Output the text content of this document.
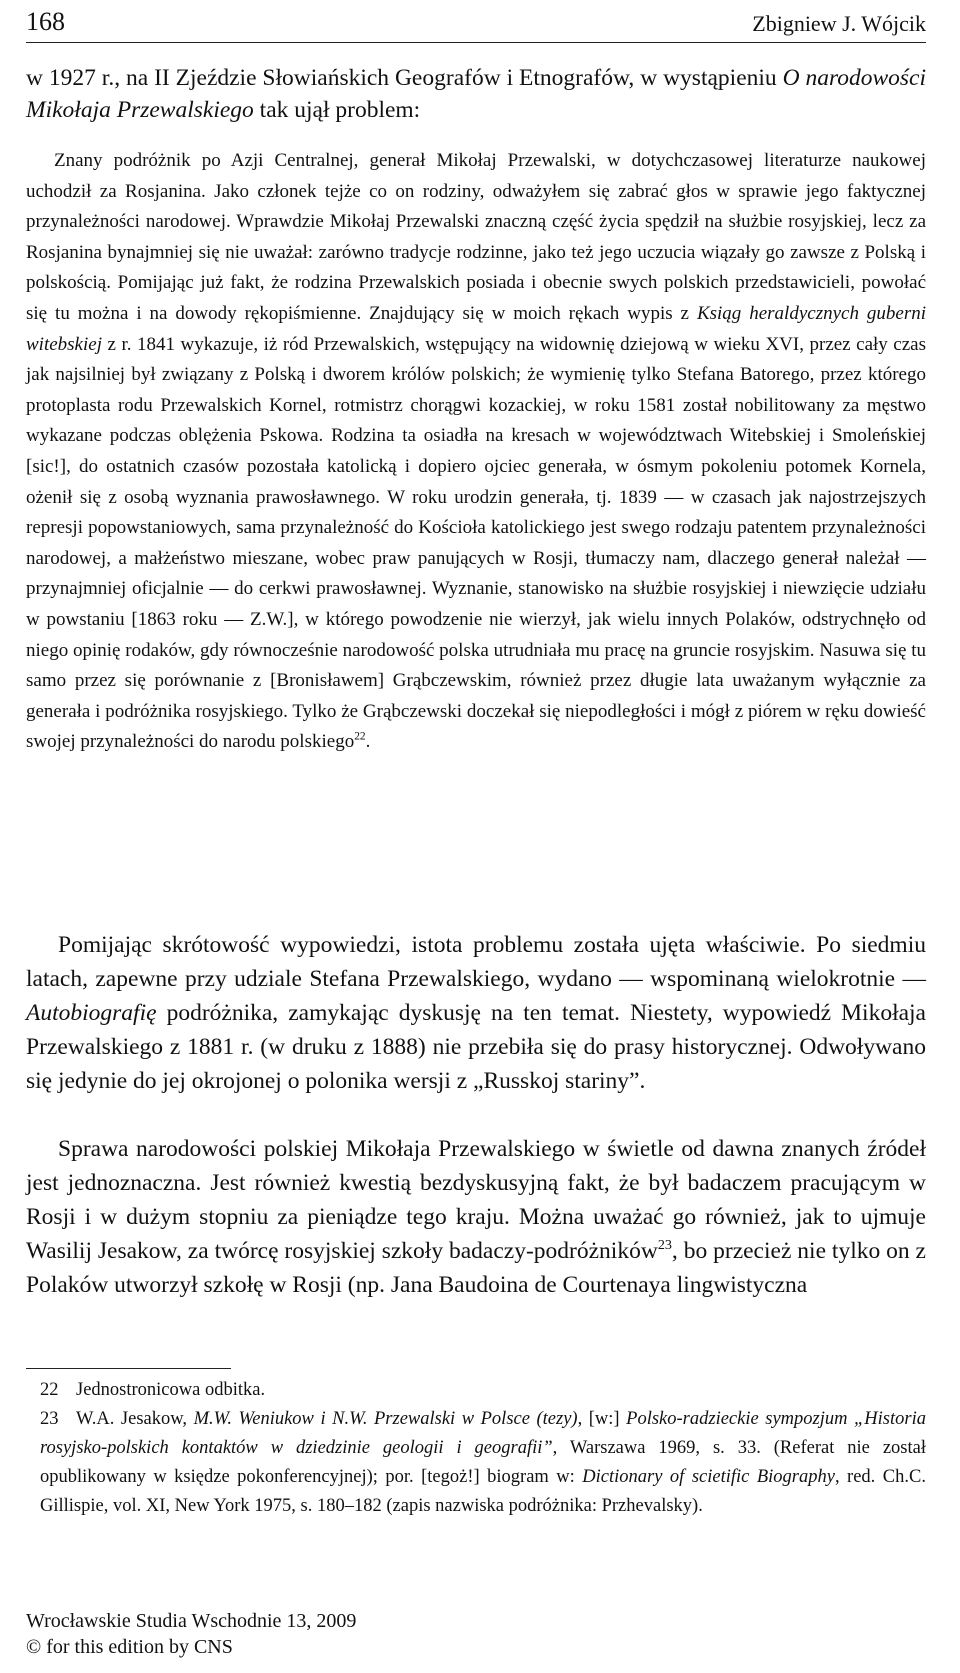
168	Zbigniew J. Wójcik

w 1927 r., na II Zjeździe Słowiańskich Geografów i Etnografów, w wystąpieniu O narodowości Mikołaja Przewalskiego tak ujął problem:

Znany podróżnik po Azji Centralnej, generał Mikołaj Przewalski, w dotychczasowej literaturze naukowej uchodził za Rosjanina. Jako członek tejże co on rodziny, odważyłem się zabrać głos w sprawie jego faktycznej przynależności narodowej. Wprawdzie Mikołaj Przewalski znaczną część życia spędził na służbie rosyjskiej, lecz za Rosjanina bynajmniej się nie uważał: zarówno tradycje rodzinne, jako też jego uczucia wiązały go zawsze z Polską i polskością. Pomijając już fakt, że rodzina Przewalskich posiada i obecnie swych polskich przedstawicieli, powołać się tu można i na dowody rękopiśmienne. Znajdujący się w moich rękach wypis z Ksiąg heraldycznych guberni witebskiej z r. 1841 wykazuje, iż ród Przewalskich, wstępujący na widownię dziejową w wieku XVI, przez cały czas jak najsilniej był związany z Polską i dworem królów polskich; że wymienię tylko Stefana Batorego, przez którego protoplasta rodu Przewalskich Kornel, rotmistrz chorągwi kozackiej, w roku 1581 został nobilitowany za męstwo wykazane podczas oblężenia Pskowa. Rodzina ta osiadła na kresach w województwach Witebskiej i Smoleńskiej [sic!], do ostatnich czasów pozostała katolicką i dopiero ojciec generała, w ósmym pokoleniu potomek Kornela, ożenił się z osobą wyznania prawosławnego. W roku urodzin generała, tj. 1839 — w czasach jak najostrzejszych represji popowstaniowych, sama przynależność do Kościoła katolickiego jest swego rodzaju patentem przynależności narodowej, a małżeństwo mieszane, wobec praw panujących w Rosji, tłumaczy nam, dlaczego generał należał — przynajmniej oficjalnie — do cerkwi prawosławnej. Wyznanie, stanowisko na służbie rosyjskiej i niewzięcie udziału w powstaniu [1863 roku — Z.W.], w którego powodzenie nie wierzył, jak wielu innych Polaków, odstrychnęło od niego opinię rodaków, gdy równocześnie narodowość polska utrudniała mu pracę na gruncie rosyjskim. Nasuwa się tu samo przez się porównanie z [Bronisławem] Grąbczewskim, również przez długie lata uważanym wyłącznie za generała i podróżnika rosyjskiego. Tylko że Grąbczewski doczekał się niepodległości i mógł z piórem w ręku dowieść swojej przynależności do narodu polskiego$^{22}$.

Pomijając skrótowość wypowiedzi, istota problemu została ujęta właściwie. Po siedmiu latach, zapewne przy udziale Stefana Przewalskiego, wydano — wspominaną wielokrotnie — Autobiografię podróżnika, zamykając dyskusję na ten temat. Niestety, wypowiedź Mikołaja Przewalskiego z 1881 r. (w druku z 1888) nie przebiła się do prasy historycznej. Odwoływano się jedynie do jej okrojonej o polonika wersji z „Russkoj stariny”.

Sprawa narodowości polskiej Mikołaja Przewalskiego w świetle od dawna znanych źródeł jest jednoznaczna. Jest również kwestią bezdyskusyjną fakt, że był badaczem pracującym w Rosji i w dużym stopniu za pieniądze tego kraju. Można uważać go również, jak to ujmuje Wasilij Jesakow, za twórcę rosyjskiej szkoły badaczy-podróżników$^{23}$, bo przecież nie tylko on z Polaków utworzył szkołę w Rosji (np. Jana Baudoina de Courtenaya lingwistyczna

22 Jednostronicowa odbitka.

23 W.A. Jesakow, M.W. Weniukow i N.W. Przewalski w Polsce (tezy), [w:] Polsko-radzieckie sympozjum „Historia rosyjsko-polskich kontaktów w dziedzinie geologii i geografii”, Warszawa 1969, s. 33. (Referat nie został opublikowany w księdze pokonferencyjnej); por. [tegoż!] biogram w: Dictionary of scietific Biography, red. Ch.C. Gillispie, vol. XI, New York 1975, s. 180–182 (zapis nazwiska podróżnika: Przhevalsky).

Wrocławskie Studia Wschodnie 13, 2009
© for this edition by CNS
